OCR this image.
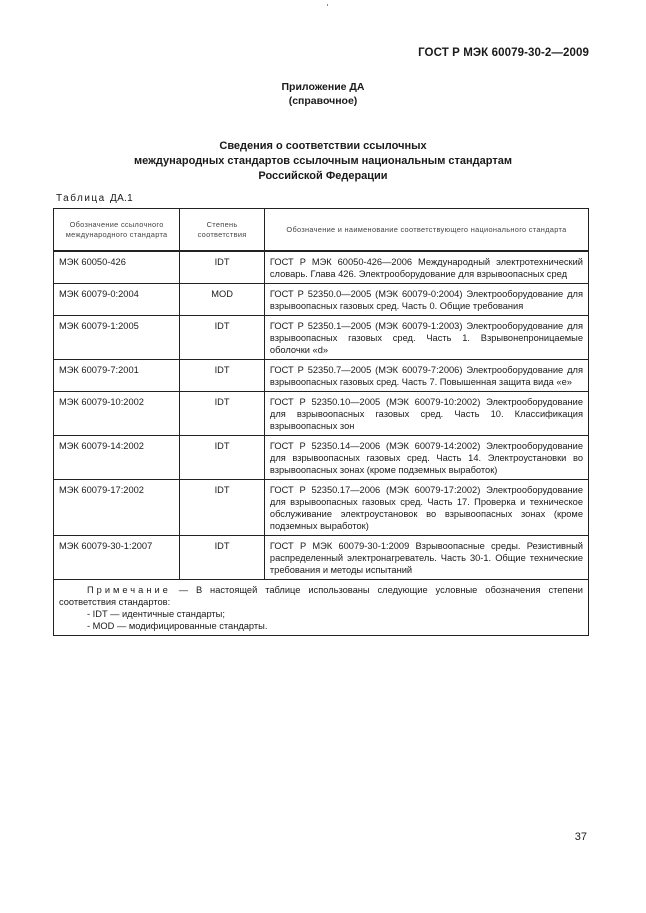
ГОСТ Р МЭК 60079-30-2—2009
Приложение ДА
(справочное)
Сведения о соответствии ссылочных
международных стандартов ссылочным национальным стандартам
Российской Федерации
Таблица ДА.1
Обозначение ссылочного международного стандарта	Степень соответствия	Обозначение и наименование соответствующего национального стандарта
МЭК 60050-426	IDT	ГОСТ Р МЭК 60050-426—2006 Международный электротехнический словарь. Глава 426. Электрооборудование для взрывоопасных сред
МЭК 60079-0:2004	MOD	ГОСТ Р 52350.0—2005 (МЭК 60079-0:2004) Электрооборудование для взрывоопасных газовых сред. Часть 0. Общие требования
МЭК 60079-1:2005	IDT	ГОСТ Р 52350.1—2005 (МЭК 60079-1:2003) Электрооборудование для взрывоопасных газовых сред. Часть 1. Взрывонепроницаемые оболочки «d»
МЭК 60079-7:2001	IDT	ГОСТ Р 52350.7—2005 (МЭК 60079-7:2006) Электрооборудование для взрывоопасных газовых сред. Часть 7. Повышенная защита вида «е»
МЭК 60079-10:2002	IDT	ГОСТ Р 52350.10—2005 (МЭК 60079-10:2002) Электрооборудование для взрывоопасных газовых сред. Часть 10. Классификация взрывоопасных зон
МЭК 60079-14:2002	IDT	ГОСТ Р 52350.14—2006 (МЭК 60079-14:2002) Электрооборудование для взрывоопасных газовых сред. Часть 14. Электроустановки во взрывоопасных зонах (кроме подземных выработок)
МЭК 60079-17:2002	IDT	ГОСТ Р 52350.17—2006 (МЭК 60079-17:2002) Электрооборудование для взрывоопасных газовых сред. Часть 17. Проверка и техническое обслуживание электроустановок во взрывоопасных зонах (кроме подземных выработок)
МЭК 60079-30-1:2007	IDT	ГОСТ Р МЭК 60079-30-1:2009 Взрывоопасные среды. Резистивный распределенный электронагреватель. Часть 30-1. Общие технические требования и методы испытаний

Примечание — В настоящей таблице использованы следующие условные обозначения степени соответствия стандартов:
- IDT — идентичные стандарты;
- MOD — модифицированные стандарты.		
37
